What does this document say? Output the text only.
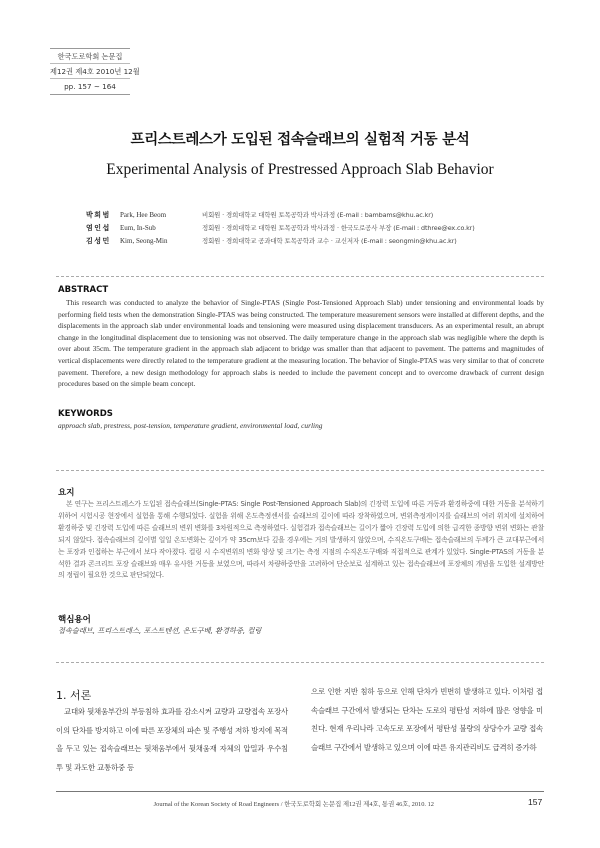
한국도로학회 논문집
제12권 제4호 2010년 12월
pp. 157 ~ 164
프리스트레스가 도입된 접속슬래브의 실험적 거동 분석
Experimental Analysis of Prestressed Approach Slab Behavior
박희범	Park, Hee Beom	비회원 · 경희대학교 대학원 토목공학과 박사과정 (E-mail : bambams@khu.ac.kr)
염인섭	Eum, In-Sub	정회원 · 경희대학교 대학원 토목공학과 박사과정 · 한국도로공사 부장 (E-mail : dthree@ex.co.kr)
김성민	Kim, Seong-Min	정회원 · 경희대학교 공과대학 토목공학과 교수 · 교신저자 (E-mail : seongmin@khu.ac.kr)
ABSTRACT

This research was conducted to analyze the behavior of Single-PTAS (Single Post-Tensioned Approach Slab) under tensioning and environmental loads by performing field tests when the demonstration Single-PTAS was being constructed. The temperature measurement sensors were installed at different depths, and the displacements in the approach slab under environmental loads and tensioning were measured using displacement transducers. As an experimental result, an abrupt change in the longitudinal displacement due to tensioning was not observed. The daily temperature change in the approach slab was negligible where the depth is over about 35cm. The temperature gradient in the approach slab adjacent to bridge was smaller than that adjacent to pavement. The patterns and magnitudes of vertical displacements were directly related to the temperature gradient at the measuring location. The behavior of Single-PTAS was very similar to that of concrete pavement. Therefore, a new design methodology for approach slabs is needed to include the pavement concept and to overcome drawback of current design procedures based on the simple beam concept.

KEYWORDS
approach slab, prestress, post-tension, temperature gradient, environmental load, curling
요지

본 연구는 프리스트레스가 도입된 접속슬래브(Single-PTAS: Single Post-Tensioned Approach Slab)의 긴장력 도입에 따른 거동과 환경하중에 대한 거동을 분석하기 위하여 시험시공 현장에서 실험을 통해 수행되었다. 실험을 위해 온도측정센서를 슬래브의 깊이에 따라 장착하였으며, 변위측정게이지를 슬래브의 여러 위치에 설치하여 환경하중 및 긴장력 도입에 따른 슬래브의 변위 변화를 3차원적으로 측정하였다. 실험결과 접속슬래브는 길이가 짧아 긴장력 도입에 의한 급격한 종방향 변위 변화는 관찰되지 않았다. 접속슬래브의 깊이별 일일 온도변화는 깊이가 약 35cm보다 깊을 경우에는 거의 발생하지 않았으며, 수직온도구배는 접속슬래브의 두께가 큰 교대부근에서는 포장과 인접하는 부근에서 보다 작아졌다. 컬링 시 수직변위의 변화 양상 및 크기는 측정 지점의 수직온도구배와 직접적으로 관계가 있었다. Single-PTAS의 거동을 분석한 결과 콘크리트 포장 슬래브와 매우 유사한 거동을 보였으며, 따라서 차량하중만을 고려하여 단순보로 설계하고 있는 접속슬래브에 포장체의 개념을 도입한 설계방안의 정립이 필요한 것으로 판단되었다.

핵심용어
접속슬래브, 프리스트레스, 포스트텐션, 온도구배, 환경하중, 컬링
1. 서론

교대와 뒷채움부간의 부등침하 효과를 감소시켜 교량과 교량접속 포장사이의 단차를 방지하고 이에 따른 포장체의 파손 및 주행성 저하 방지에 목적을 두고 있는 접속슬래브는 뒷채움부에서 뒷채움재 자체의 압밀과 우수침투 및 과도한 교통하중 등

으로 인한 지반 침하 등으로 인해 단차가 빈번히 발생하고 있다. 이처럼 접속슬래브 구간에서 발생되는 단차는 도로의 평탄성 저하에 많은 영향을 미친다. 현재 우리나라 고속도로 포장에서 평탄성 불량의 상당수가 교량 접속슬래브 구간에서 발생하고 있으며 이에 따른 유지관리비도 급격히 증가하

Journal of the Korean Society of Road Engineers / 한국도로학회 논문집 제12권 제4호, 통권 46호, 2010. 12	157
